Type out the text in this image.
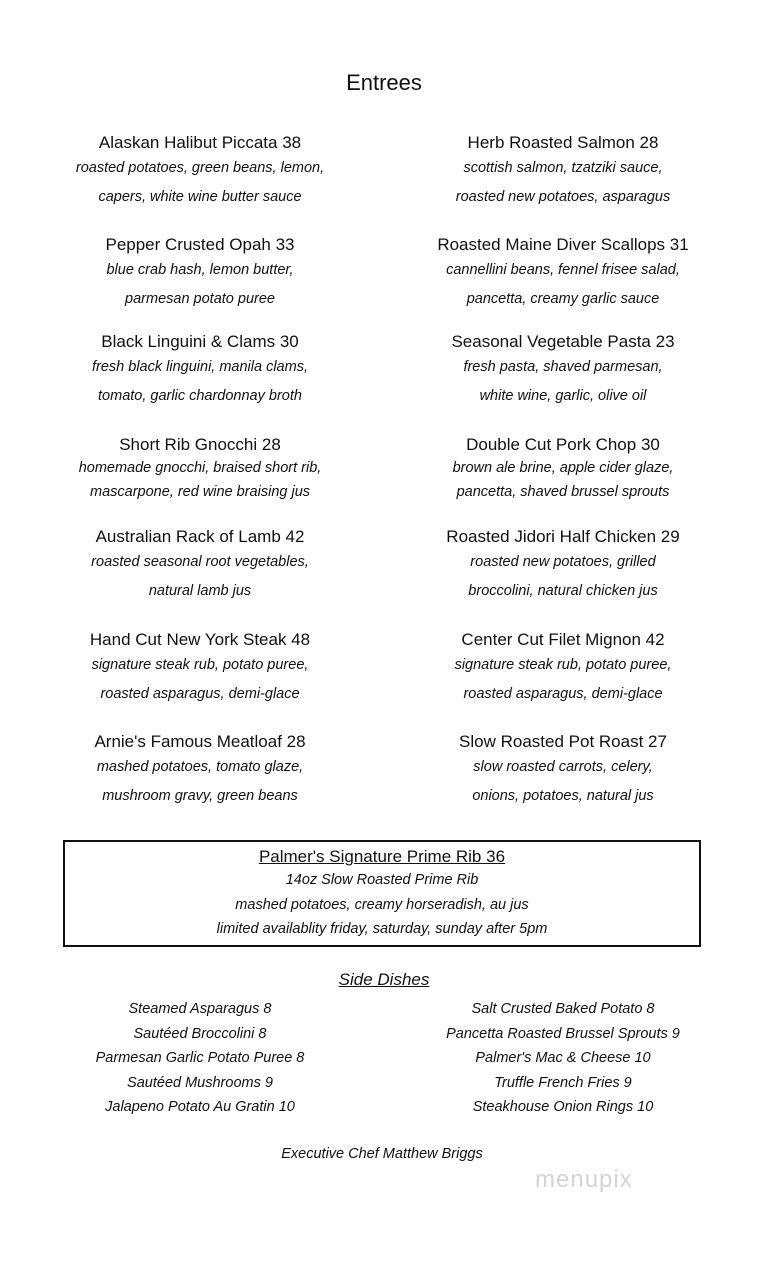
Entrees
Alaskan Halibut Piccata 38
roasted potatoes, green beans, lemon,
capers, white wine butter sauce
Pepper Crusted Opah 33
blue crab hash, lemon butter,
parmesan potato puree
Black Linguini & Clams 30
fresh black linguini, manila clams,
tomato, garlic chardonnay broth
Short Rib Gnocchi 28
homemade gnocchi, braised short rib,
mascarpone, red wine braising jus
Australian Rack of Lamb 42
roasted seasonal root vegetables,
natural lamb jus
Hand Cut New York Steak 48
signature steak rub, potato puree,
roasted asparagus, demi-glace
Arnie's Famous Meatloaf 28
mashed potatoes, tomato glaze,
mushroom gravy, green beans
Herb Roasted Salmon 28
scottish salmon, tzatziki sauce,
roasted new potatoes, asparagus
Roasted Maine Diver Scallops 31
cannellini beans, fennel frisee salad,
pancetta, creamy garlic sauce
Seasonal Vegetable Pasta 23
fresh pasta, shaved parmesan,
white wine, garlic, olive oil
Double Cut Pork Chop 30
brown ale brine, apple cider glaze,
pancetta, shaved brussel sprouts
Roasted Jidori Half Chicken 29
roasted new potatoes, grilled
broccolini, natural chicken jus
Center Cut Filet Mignon 42
signature steak rub, potato puree,
roasted asparagus, demi-glace
Slow Roasted Pot Roast 27
slow roasted carrots, celery,
onions, potatoes, natural jus
Palmer's Signature Prime Rib 36
14oz Slow Roasted Prime Rib
mashed potatoes, creamy horseradish, au jus
limited availablity friday, saturday, sunday after 5pm
Side Dishes
Steamed Asparagus 8
Sautéed Broccolini 8
Parmesan Garlic Potato Puree 8
Sautéed Mushrooms 9
Jalapeno Potato Au Gratin 10
Salt Crusted Baked Potato 8
Pancetta Roasted Brussel Sprouts 9
Palmer's Mac & Cheese 10
Truffle French Fries 9
Steakhouse Onion Rings 10
Executive Chef Matthew Briggs
menupix
